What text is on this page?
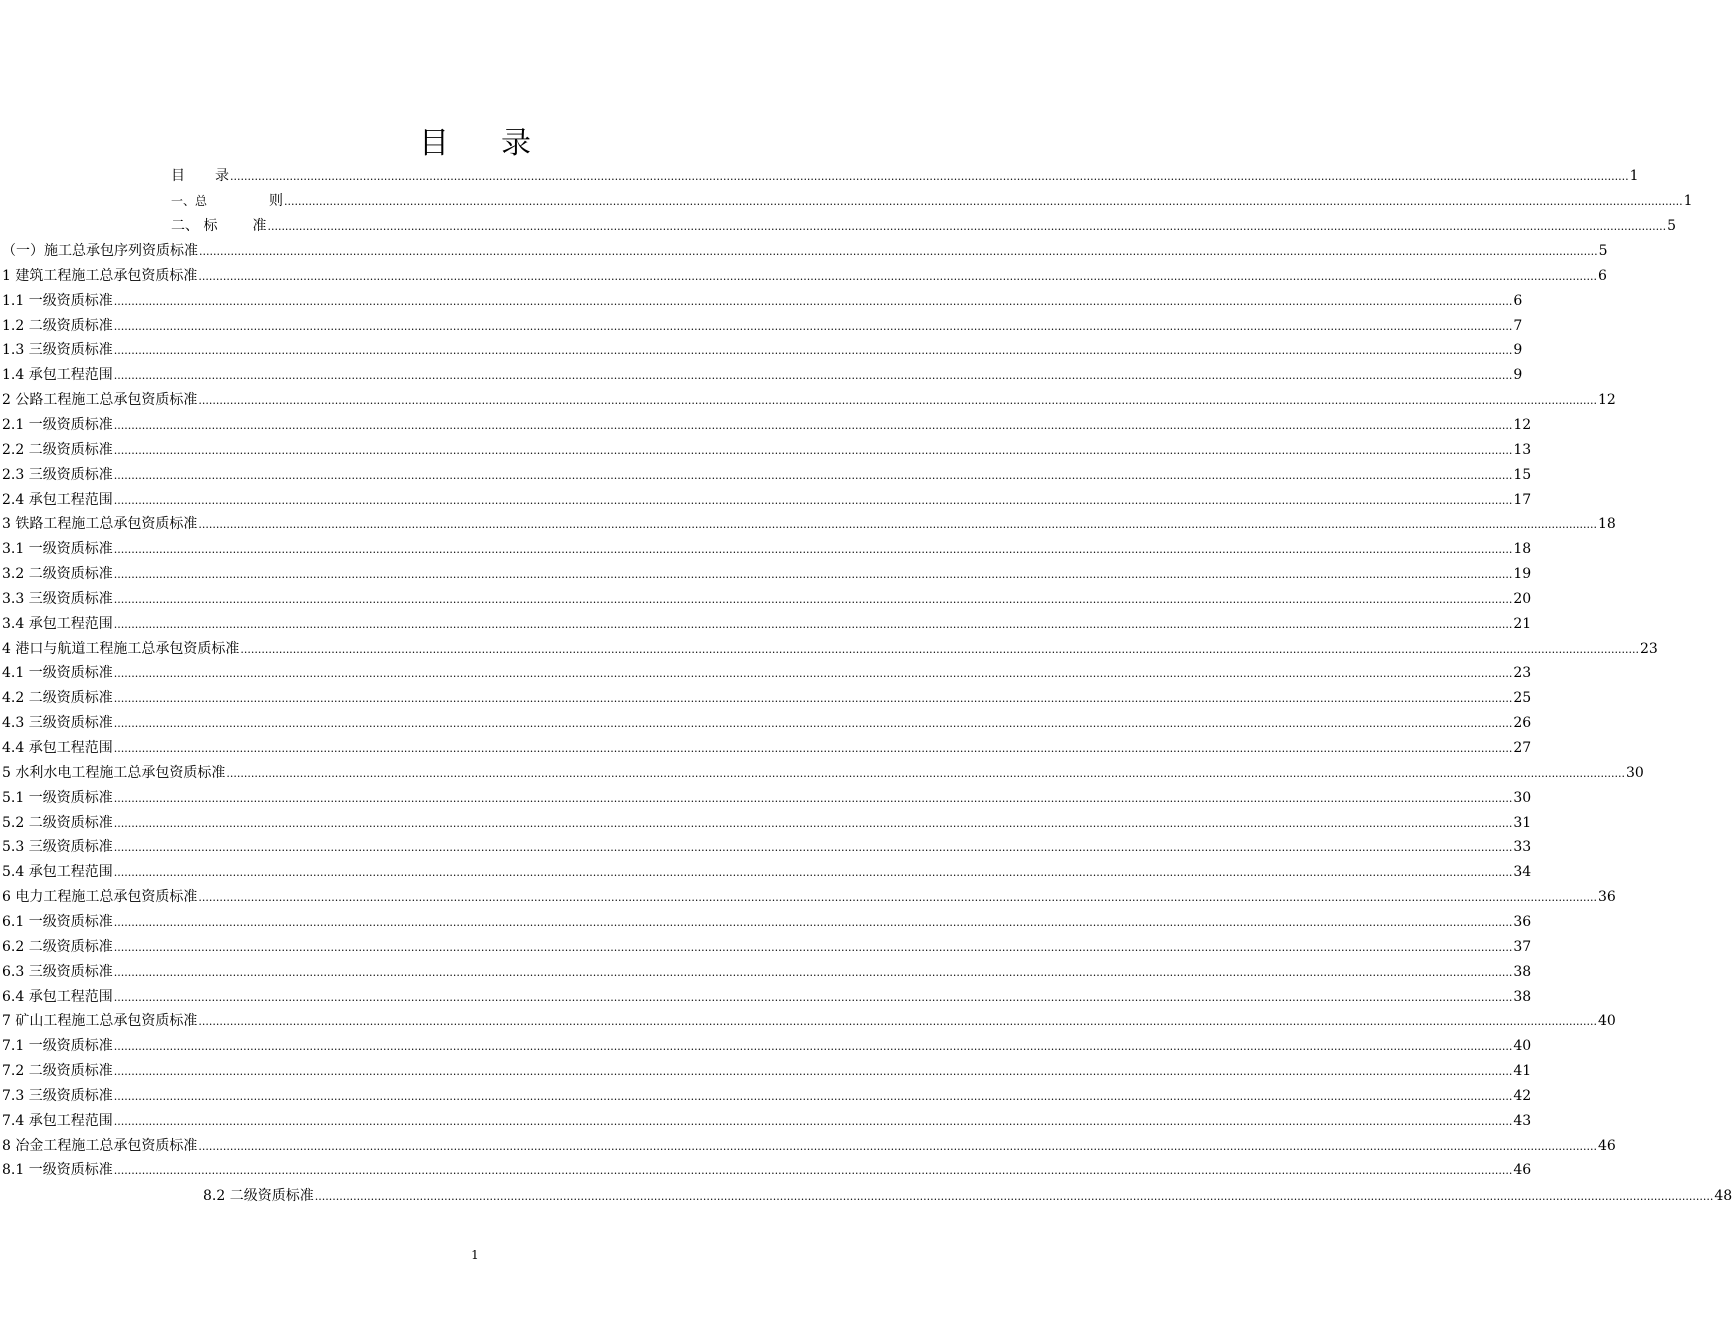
目 录
目 录 ................................................................................................................................................................................................................................................................................................................................................................................................................ 1
一、总	则 ................................................................................................................................................................................................................................................................................................................................................................................................................ 1
二、 标	准 ................................................................................................................................................................................................................................................................................................................................................................................................................ 5
（一）施工总承包序列资质标准 ................................................................................................................................................................................................................................................................................................................................................................................................................ 5
1 建筑工程施工总承包资质标准 ................................................................................................................................................................................................................................................................................................................................................................................................................ 6
1.1 一级资质标准 ................................................................................................................................................................................................................................................................................................................................................................................................................ 6
1.2 二级资质标准 ................................................................................................................................................................................................................................................................................................................................................................................................................ 7
1.3 三级资质标准 ................................................................................................................................................................................................................................................................................................................................................................................................................ 9
1.4 承包工程范围 ................................................................................................................................................................................................................................................................................................................................................................................................................ 9
2 公路工程施工总承包资质标准 ................................................................................................................................................................................................................................................................................................................................................................................................................ 12
2.1 一级资质标准 ................................................................................................................................................................................................................................................................................................................................................................................................................ 12
2.2 二级资质标准 ................................................................................................................................................................................................................................................................................................................................................................................................................ 13
2.3 三级资质标准 ................................................................................................................................................................................................................................................................................................................................................................................................................ 15
2.4 承包工程范围 ................................................................................................................................................................................................................................................................................................................................................................................................................ 17
3 铁路工程施工总承包资质标准 ................................................................................................................................................................................................................................................................................................................................................................................................................ 18
3.1 一级资质标准 ................................................................................................................................................................................................................................................................................................................................................................................................................ 18
3.2 二级资质标准 ................................................................................................................................................................................................................................................................................................................................................................................................................ 19
3.3 三级资质标准 ................................................................................................................................................................................................................................................................................................................................................................................................................ 20
3.4 承包工程范围 ................................................................................................................................................................................................................................................................................................................................................................................................................ 21
4 港口与航道工程施工总承包资质标准 ................................................................................................................................................................................................................................................................................................................................................................................................................ 23
4.1 一级资质标准 ................................................................................................................................................................................................................................................................................................................................................................................................................ 23
4.2 二级资质标准 ................................................................................................................................................................................................................................................................................................................................................................................................................ 25
4.3 三级资质标准 ................................................................................................................................................................................................................................................................................................................................................................................................................ 26
4.4 承包工程范围 ................................................................................................................................................................................................................................................................................................................................................................................................................ 27
5 水利水电工程施工总承包资质标准 ................................................................................................................................................................................................................................................................................................................................................................................................................ 30
5.1 一级资质标准 ................................................................................................................................................................................................................................................................................................................................................................................................................ 30
5.2 二级资质标准 ................................................................................................................................................................................................................................................................................................................................................................................................................ 31
5.3 三级资质标准 ................................................................................................................................................................................................................................................................................................................................................................................................................ 33
5.4 承包工程范围 ................................................................................................................................................................................................................................................................................................................................................................................................................ 34
6 电力工程施工总承包资质标准 ................................................................................................................................................................................................................................................................................................................................................................................................................ 36
6.1 一级资质标准 ................................................................................................................................................................................................................................................................................................................................................................................................................ 36
6.2 二级资质标准 ................................................................................................................................................................................................................................................................................................................................................................................................................ 37
6.3 三级资质标准 ................................................................................................................................................................................................................................................................................................................................................................................................................ 38
6.4 承包工程范围 ................................................................................................................................................................................................................................................................................................................................................................................................................ 38
7 矿山工程施工总承包资质标准 ................................................................................................................................................................................................................................................................................................................................................................................................................ 40
7.1 一级资质标准 ................................................................................................................................................................................................................................................................................................................................................................................................................ 40
7.2 二级资质标准 ................................................................................................................................................................................................................................................................................................................................................................................................................ 41
7.3 三级资质标准 ................................................................................................................................................................................................................................................................................................................................................................................................................ 42
7.4 承包工程范围 ................................................................................................................................................................................................................................................................................................................................................................................................................ 43
8 冶金工程施工总承包资质标准 ................................................................................................................................................................................................................................................................................................................................................................................................................ 46
8.1 一级资质标准 ................................................................................................................................................................................................................................................................................................................................................................................................................ 46
8.2 二级资质标准 ................................................................................................................................................................................................................................................................................................................................................................................................................ 48
1
